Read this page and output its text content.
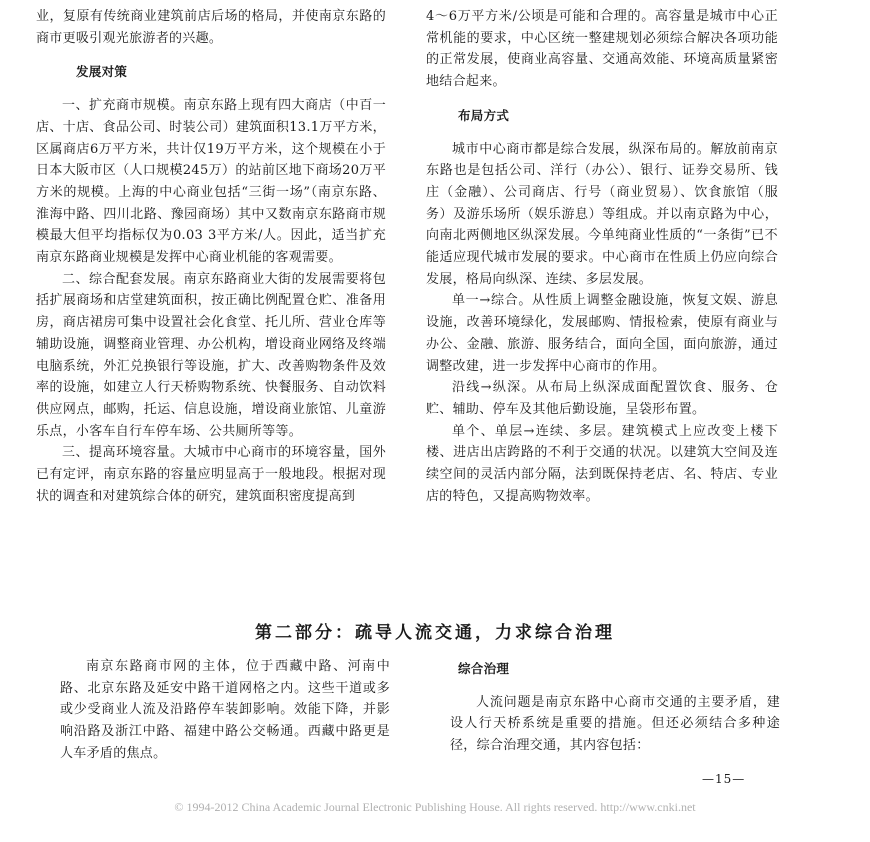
业，复原有传统商业建筑前店后场的格局，并使南京东路的商市更吸引观光旅游者的兴趣。

发展对策

一、扩充商市规模。南京东路上现有四大商店（中百一店、十店、食品公司、时装公司）建筑面积13.1万平方米，区属商店6万平方米，共计仅19万平方米，这个规模在小于日本大阪市区（人口规模245万）的站前区地下商场20万平方米的规模。上海的中心商业包括“三街一场”（南京东路、淮海中路、四川北路、豫园商场）其中又数南京东路商市规模最大但平均指标仅为0.03 3平方米/人。因此，适当扩充南京东路商业规模是发挥中心商业机能的客观需要。

二、综合配套发展。南京东路商业大街的发展需要将包括扩展商场和店堂建筑面积，按正确比例配置仓贮、准备用房，商店裙房可集中设置社会化食堂、托儿所、营业仓库等辅助设施，调整商业管理、办公机构，增设商业网络及终端电脑系统，外汇兑换银行等设施，扩大、改善购物条件及效率的设施，如建立人行天桥购物系统、快餐服务、自动饮料供应网点，邮购，托运、信息设施，增设商业旅馆、儿童游乐点，小客车自行车停车场、公共厕所等等。

三、提高环境容量。大城市中心商市的环境容量，国外已有定评，南京东路的容量应明显高于一般地段。根据对现状的调查和对建筑综合体的研究，建筑面积密度提高到

4～6万平方米/公顷是可能和合理的。高容量是城市中心正常机能的要求，中心区统一整建规划必须综合解决各项功能的正常发展，使商业高容量、交通高效能、环境高质量紧密地结合起来。

布局方式

城市中心商市都是综合发展，纵深布局的。解放前南京东路也是包括公司、洋行（办公）、银行、证券交易所、钱庄（金融）、公司商店、行号（商业贸易）、饮食旅馆（服务）及游乐场所（娱乐游息）等组成。并以南京路为中心，向南北两侧地区纵深发展。今单纯商业性质的“一条街”已不能适应现代城市发展的要求。中心商市在性质上仍应向综合发展，格局向纵深、连续、多层发展。

单一→综合。从性质上调整金融设施，恢复文娱、游息设施，改善环境绿化，发展邮购、情报检索，使原有商业与办公、金融、旅游、服务结合，面向全国，面向旅游，通过调整改建，进一步发挥中心商市的作用。

沿线→纵深。从布局上纵深成面配置饮食、服务、仓贮、辅助、停车及其他后勤设施，呈袋形布置。

单个、单层→连续、多层。建筑模式上应改变上楼下楼、进店出店跨路的不利于交通的状况。以建筑大空间及连续空间的灵活内部分隔，法到既保持老店、名、特店、专业店的特色，又提高购物效率。

第二部分：疏导人流交通，力求综合治理

南京东路商市网的主体，位于西藏中路、河南中路、北京东路及延安中路干道网格之内。这些干道或多或少受商业人流及沿路停车装卸影响。效能下降，并影响沿路及浙江中路、福建中路公交畅通。西藏中路更是人车矛盾的焦点。

综合治理

人流问题是南京东路中心商市交通的主要矛盾，建设人行天桥系统是重要的措施。但还必须结合多种途径，综合治理交通，其内容包括：

—15—
© 1994-2012 China Academic Journal Electronic Publishing House. All rights reserved. http://www.cnki.net
